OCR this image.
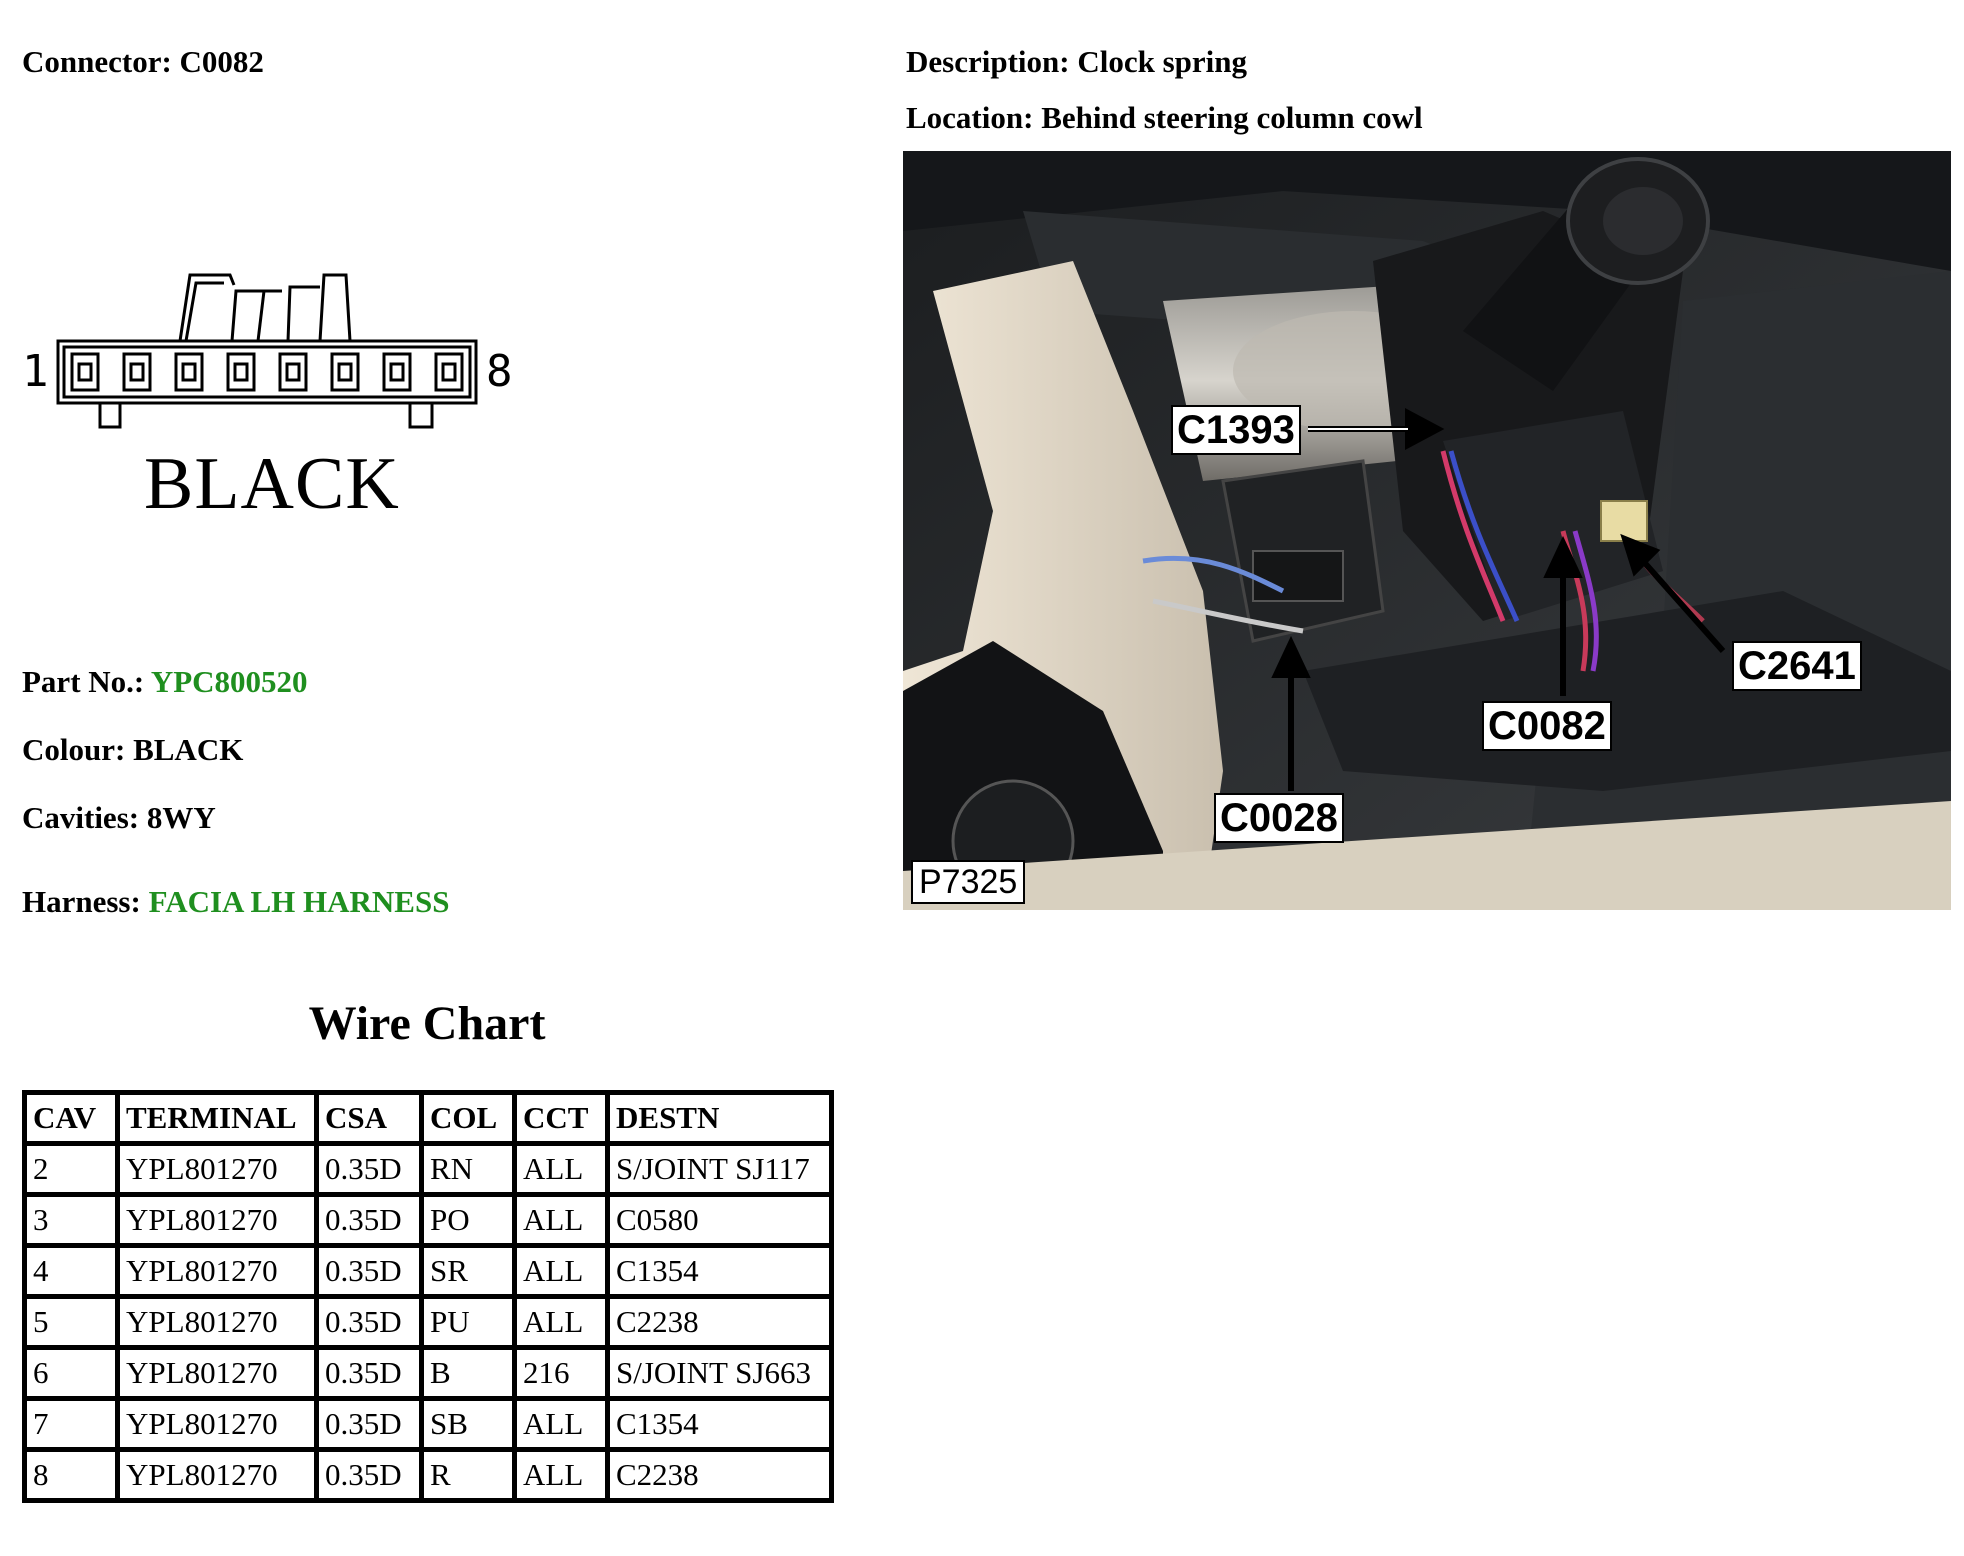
Connector: C0082	Description: Clock spring
Location: Behind steering column cowl
1	8
BLACK
Part No.: YPC800520
Colour: BLACK
Cavities: 8WY
Harness: FACIA LH HARNESS
Wire Chart
CAV	TERMINAL	CSA	COL	CCT	DESTN
2	YPL801270	0.35D	RN	ALL	S/JOINT SJ117
3	YPL801270	0.35D	PO	ALL	C0580
4	YPL801270	0.35D	SR	ALL	C1354
5	YPL801270	0.35D	PU	ALL	C2238
6	YPL801270	0.35D	B	216	S/JOINT SJ663
7	YPL801270	0.35D	SB	ALL	C1354
8	YPL801270	0.35D	R	ALL	C2238
C1393
C2641
C0082
C0028
P7325
